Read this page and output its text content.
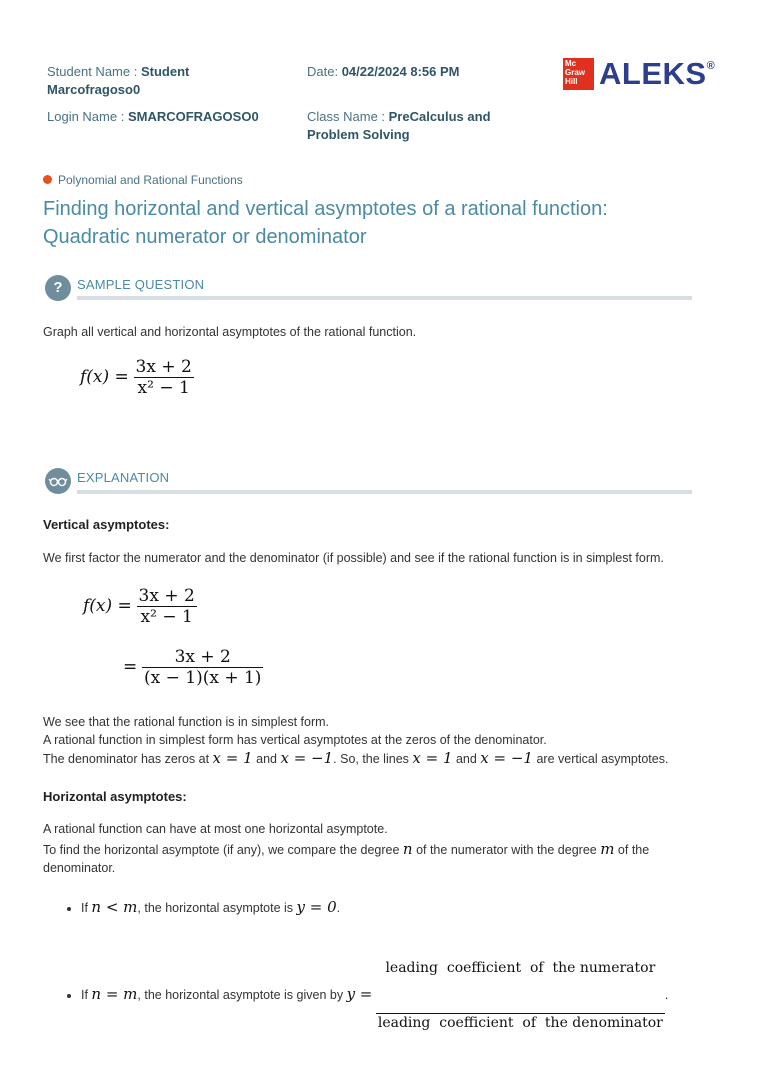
Student Name : Student Marcofragoso0
Date: 04/22/2024 8:56 PM
Login Name : SMARCOFRAGOSO0	Class Name : PreCalculus and Problem Solving
Mc
Graw
Hill ALEKS®
Polynomial and Rational Functions
Finding horizontal and vertical asymptotes of a rational function: Quadratic numerator or denominator
?	SAMPLE QUESTION
Graph all vertical and horizontal asymptotes of the rational function.
$f(x) = \frac{3x + 2}{\text{x² − 1}}$
EXPLANATION
Vertical asymptotes:
We first factor the numerator and the denominator (if possible) and see if the rational function is in simplest form.
$f(x) = \frac{3x + 2}{\text{x² − 1}}$
= $\frac{3x + 2}{(x - 1)(x + 1)}$
We see that the rational function is in simplest form.
A rational function in simplest form has vertical asymptotes at the zeros of the denominator.
The denominator has zeros at x = 1 and x = −1. So, the lines x = 1 and x = −1 are vertical asymptotes.
Horizontal asymptotes:
A rational function can have at most one horizontal asymptote.
To find the horizontal asymptote (if any), we compare the degree n of the numerator with the degree m of the denominator.
• If n < m, the horizontal asymptote is y = 0.
• If n = m, the horizontal asymptote is given by y =
$\frac{\text{leading  coefficient  of  the numerator}}{\text{leading  coefficient  of  the denominator}}$ .
